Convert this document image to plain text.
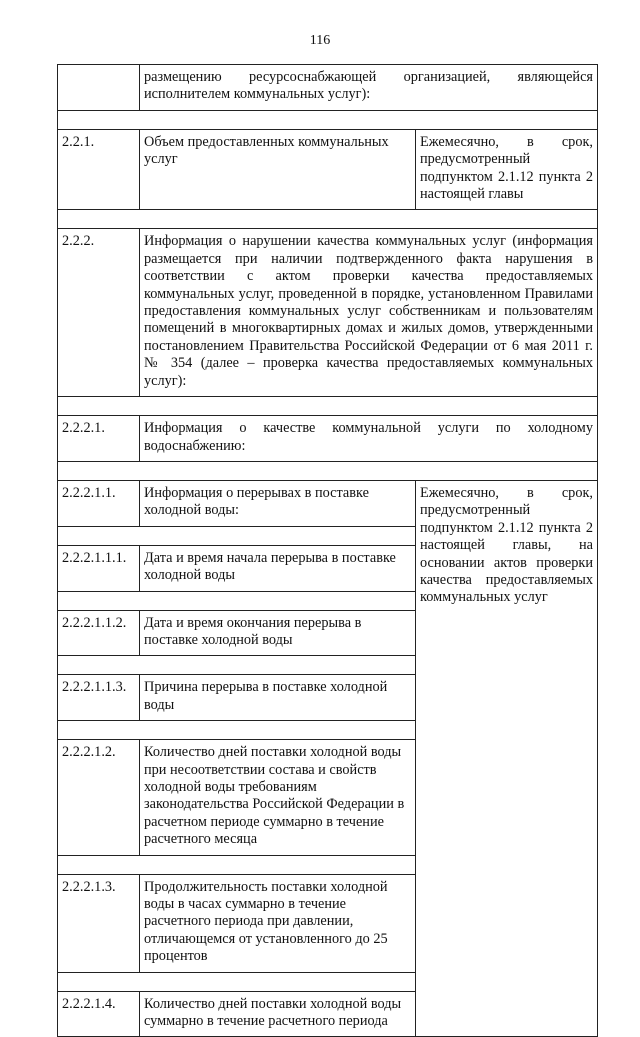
116
	размещению ресурсоснабжающей организацией, являющейся исполнителем коммунальных услуг):	

2.2.1.	Объем предоставленных коммунальных услуг	Ежемесячно, в срок, предусмотренный подпунктом 2.1.12 пункта 2 настоящей главы

2.2.2.	Информация о нарушении качества коммунальных услуг (информация размещается при наличии подтвержденного факта нарушения в соответствии с актом проверки качества предоставляемых коммунальных услуг, проведенной в порядке, установленном Правилами предоставления коммунальных услуг собственникам и пользователям помещений в многоквартирных домах и жилых домов, утвержденными постановлением Правительства Российской Федерации от 6 мая 2011 г. № 354 (далее – проверка качества предоставляемых коммунальных услуг):	

2.2.2.1.	Информация о качестве коммунальной услуги по холодному водоснабжению:	

2.2.2.1.1.	Информация о перерывах в поставке холодной воды:	Ежемесячно, в срок, предусмотренный подпунктом 2.1.12 пункта 2 настоящей главы, на основании актов проверки качества предоставляемых коммунальных услуг

2.2.2.1.1.1.	Дата и время начала перерыва в поставке холодной воды	

2.2.2.1.1.2.	Дата и время окончания перерыва в поставке холодной воды	

2.2.2.1.1.3.	Причина перерыва в поставке холодной воды	

2.2.2.1.2.	Количество дней поставки холодной воды при несоответствии состава и свойств холодной воды требованиям законодательства Российской Федерации в расчетном периоде суммарно в течение расчетного месяца	

2.2.2.1.3.	Продолжительность поставки холодной воды в часах суммарно в течение расчетного периода при давлении, отличающемся от установленного до 25 процентов	

2.2.2.1.4.	Количество дней поставки холодной воды суммарно в течение расчетного периода	
